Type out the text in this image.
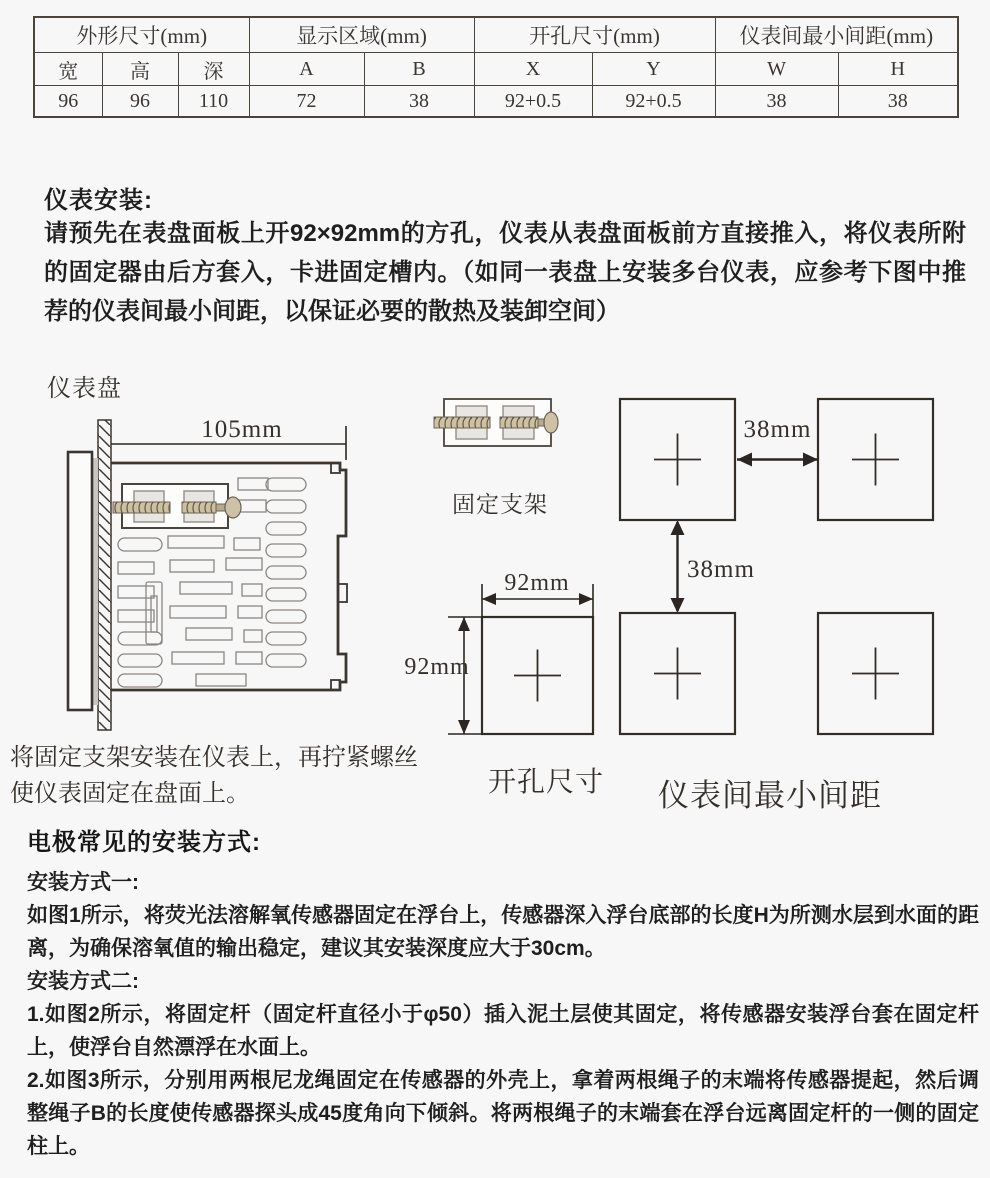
外形尺寸(mm)			显示区域(mm)		开孔尺寸(mm)		仪表间最小间距(mm)	
宽	高	深	A	B	X	Y	W	H
96	96	110	72	38	92+0.5	92+0.5	38	38
仪表安装:
请预先在表盘面板上开92×92mm的方孔，仪表从表盘面板前方直接推入，将仪表所附的固定器由后方套入，卡进固定槽内。（如同一表盘上安装多台仪表，应参考下图中推荐的仪表间最小间距，以保证必要的散热及装卸空间）
105mm
仪表盘
固定支架
38mm
38mm
92mm
92mm
开孔尺寸 仪表间最小间距
将固定支架安装在仪表上，再拧紧螺丝使仪表固定在盘面上。
电极常见的安装方式:
安装方式一:

如图1所示，将荧光法溶解氧传感器固定在浮台上，传感器深入浮台底部的长度H为所测水层到水面的距离，为确保溶氧值的输出稳定，建议其安装深度应大于30cm。

安装方式二:

1.如图2所示，将固定杆（固定杆直径小于φ50）插入泥土层使其固定，将传感器安装浮台套在固定杆上，使浮台自然漂浮在水面上。

2.如图3所示，分别用两根尼龙绳固定在传感器的外壳上，拿着两根绳子的末端将传感器提起，然后调整绳子B的长度使传感器探头成45度角向下倾斜。将两根绳子的末端套在浮台远离固定杆的一侧的固定柱上。
